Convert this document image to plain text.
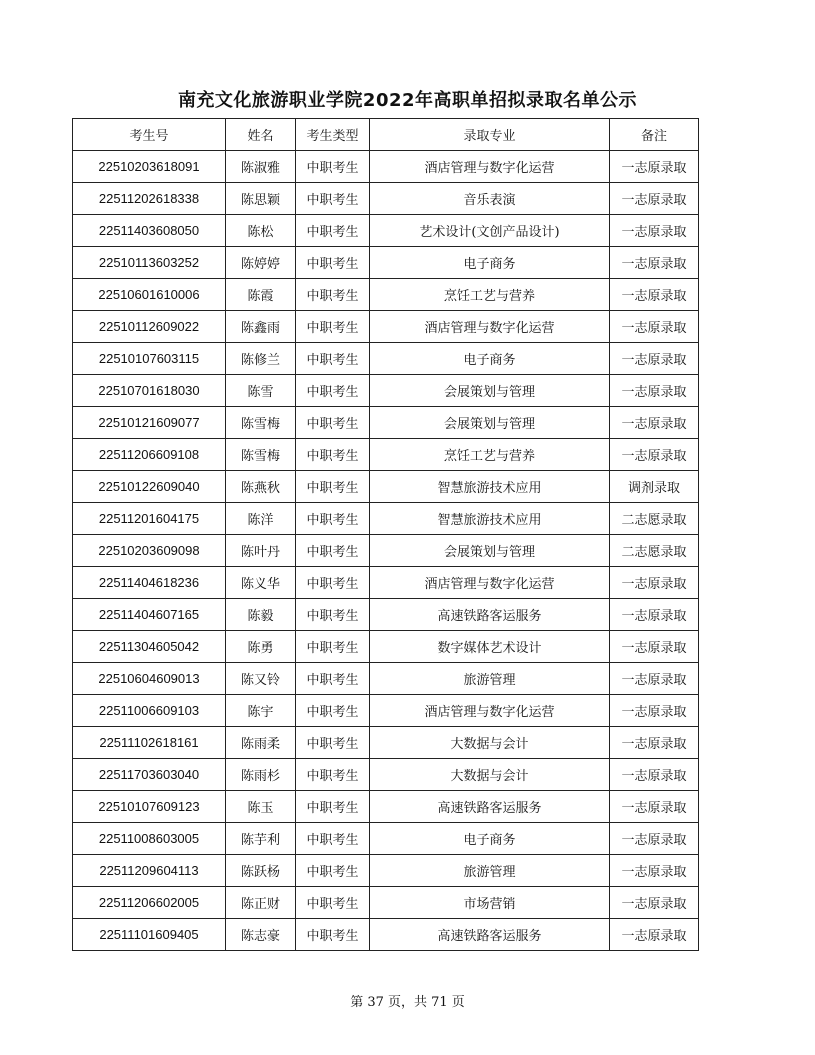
南充文化旅游职业学院2022年高职单招拟录取名单公示
考生号	姓名	考生类型	录取专业	备注
22510203618091	陈淑雅	中职考生	酒店管理与数字化运营	一志原录取
22511202618338	陈思颖	中职考生	音乐表演	一志原录取
22511403608050	陈松	中职考生	艺术设计(文创产品设计)	一志原录取
22510113603252	陈婷婷	中职考生	电子商务	一志原录取
22510601610006	陈霞	中职考生	烹饪工艺与营养	一志原录取
22510112609022	陈鑫雨	中职考生	酒店管理与数字化运营	一志原录取
22510107603115	陈修兰	中职考生	电子商务	一志原录取
22510701618030	陈雪	中职考生	会展策划与管理	一志原录取
22510121609077	陈雪梅	中职考生	会展策划与管理	一志原录取
22511206609108	陈雪梅	中职考生	烹饪工艺与营养	一志原录取
22510122609040	陈燕秋	中职考生	智慧旅游技术应用	调剂录取
22511201604175	陈洋	中职考生	智慧旅游技术应用	二志愿录取
22510203609098	陈叶丹	中职考生	会展策划与管理	二志愿录取
22511404618236	陈义华	中职考生	酒店管理与数字化运营	一志原录取
22511404607165	陈毅	中职考生	高速铁路客运服务	一志原录取
22511304605042	陈勇	中职考生	数字媒体艺术设计	一志原录取
22510604609013	陈又铃	中职考生	旅游管理	一志原录取
22511006609103	陈宇	中职考生	酒店管理与数字化运营	一志原录取
22511102618161	陈雨柔	中职考生	大数据与会计	一志原录取
22511703603040	陈雨杉	中职考生	大数据与会计	一志原录取
22510107609123	陈玉	中职考生	高速铁路客运服务	一志原录取
22511008603005	陈芋利	中职考生	电子商务	一志原录取
22511209604113	陈跃杨	中职考生	旅游管理	一志原录取
22511206602005	陈正财	中职考生	市场营销	一志原录取
22511101609405	陈志豪	中职考生	高速铁路客运服务	一志原录取
第 37 页，共 71 页
